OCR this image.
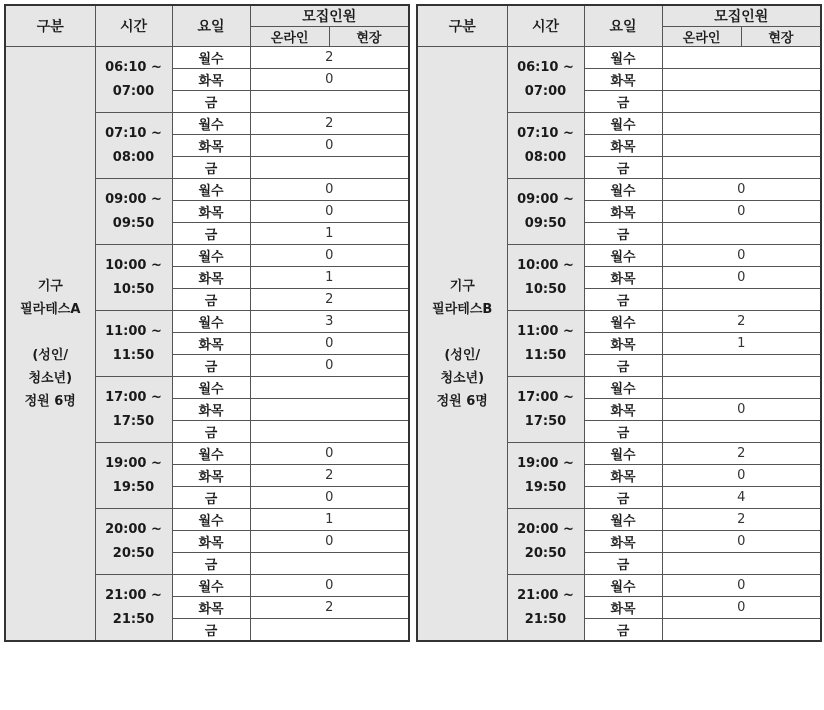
구분	시간	요일	모집인원

			온라인 현장

기구
필라테스A

(성인/
청소년)
정원 6명	06:10 ~
07:00	월수	2
		화목	0
		금	
	07:10 ~
08:00	월수	2
		화목	0
		금	
	09:00 ~
09:50	월수	0
		화목	0
		금	1
	10:00 ~
10:50	월수	0
		화목	1
		금	2
	11:00 ~
11:50	월수	3
		화목	0
		금	0
	17:00 ~
17:50	월수	
		화목	
		금	
	19:00 ~
19:50	월수	0
		화목	2
		금	0
	20:00 ~
20:50	월수	1
		화목	0
		금	
	21:00 ~
21:50	월수	0
		화목	2
		금	
구분	시간	요일	모집인원

			온라인 현장

기구
필라테스B

(성인/
청소년)
정원 6명	06:10 ~
07:00	월수	
		화목	
		금	
	07:10 ~
08:00	월수	
		화목	
		금	
	09:00 ~
09:50	월수	0
		화목	0
		금	
	10:00 ~
10:50	월수	0
		화목	0
		금	
	11:00 ~
11:50	월수	2
		화목	1
		금	
	17:00 ~
17:50	월수	
		화목	0
		금	
	19:00 ~
19:50	월수	2
		화목	0
		금	4
	20:00 ~
20:50	월수	2
		화목	0
		금	
	21:00 ~
21:50	월수	0
		화목	0
		금	
